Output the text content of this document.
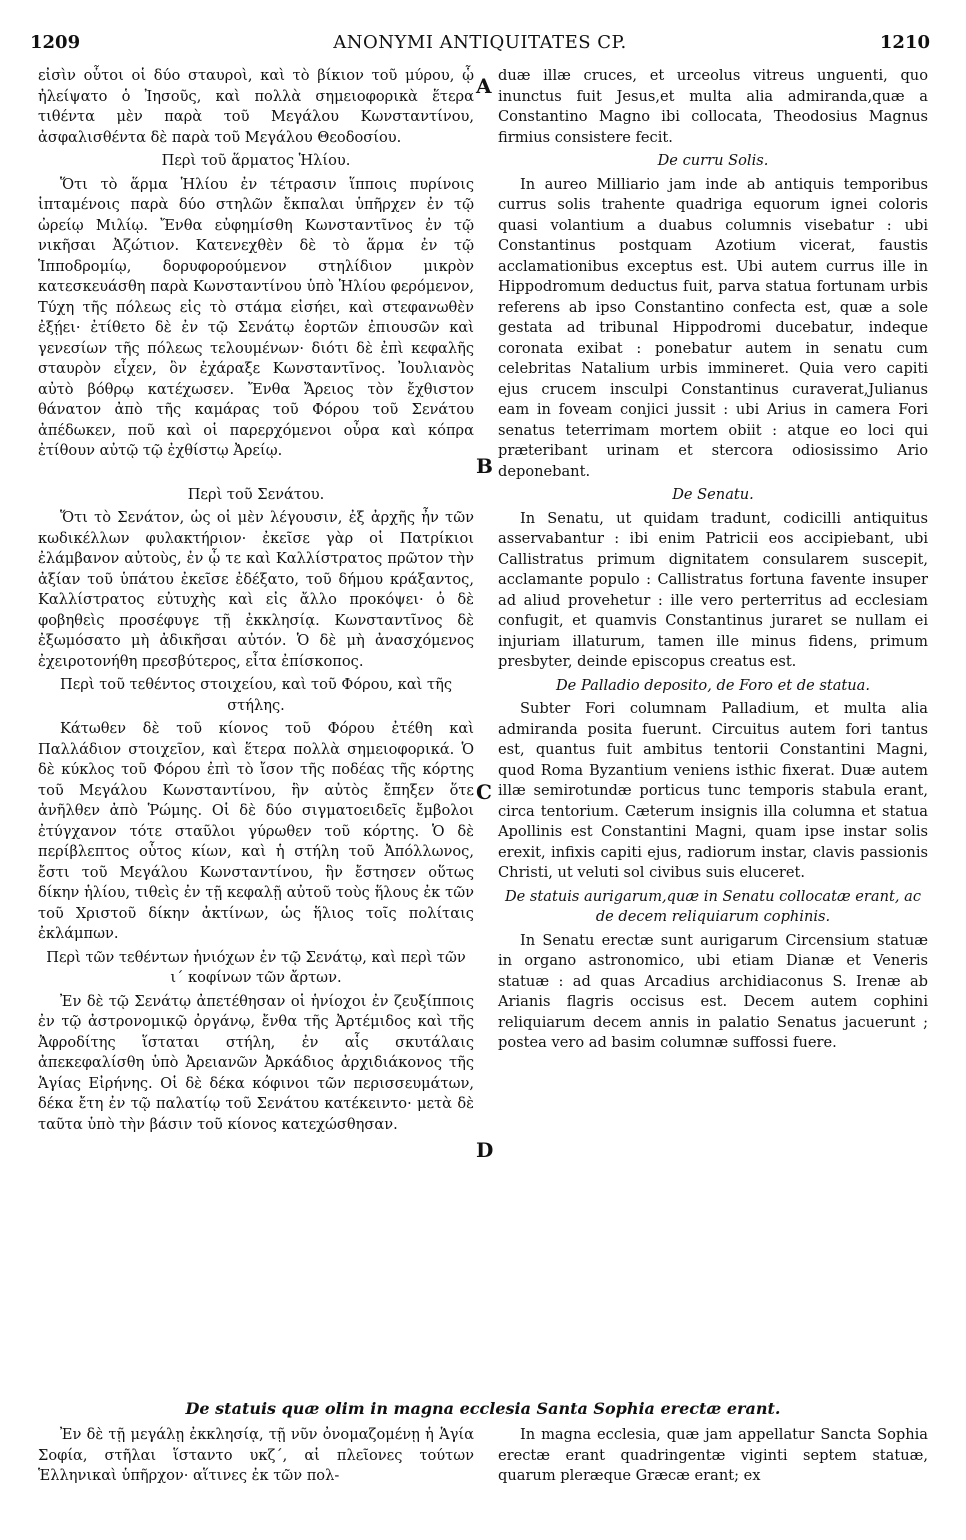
1209	ANONYMI ANTIQUITATES CP.	1210
A
B
C
D

εἰσὶν οὗτοι οἱ δύο σταυροὶ, καὶ τὸ βίκιον τοῦ μύρου, ᾧ ἠλείψατο ὁ Ἰησοῦς, καὶ πολλὰ σημειοφορικὰ ἕτερα τιθέντα μὲν παρὰ τοῦ Μεγάλου Κωνσταντίνου, ἀσφαλισθέντα δὲ παρὰ τοῦ Μεγάλου Θεοδοσίου.

Περὶ τοῦ ἅρματος Ἡλίου.

Ὅτι τὸ ἅρμα Ἡλίου ἐν τέτρασιν ἵπποις πυρίνοις ἱπταμένοις παρὰ δύο στηλῶν ἔκπαλαι ὑπῆρχεν ἐν τῷ ὠρείῳ Μιλίῳ. Ἔνθα εὐφημίσθη Κωνσταντῖνος ἐν τῷ νικῆσαι Ἀζώτιον. Κατενεχθὲν δὲ τὸ ἅρμα ἐν τῷ Ἱπποδρομίῳ, δορυφορούμενον στηλίδιον μικρὸν κατεσκευάσθη παρὰ Κωνσταντίνου ὑπὸ Ἡλίου φερόμενον, Τύχη τῆς πόλεως εἰς τὸ στάμα εἰσήει, καὶ στεφανωθὲν ἐξῄει· ἐτίθετο δὲ ἐν τῷ Σενάτῳ ἑορτῶν ἐπιουσῶν καὶ γενεσίων τῆς πόλεως τελουμένων· διότι δὲ ἐπὶ κεφαλῆς σταυρὸν εἶχεν, ὃν ἐχάραξε Κωνσταντῖνος. Ἰουλιανὸς αὐτὸ βόθρῳ κατέχωσεν. Ἔνθα Ἄρειος τὸν ἔχθιστον θάνατον ἀπὸ τῆς καμάρας τοῦ Φόρου τοῦ Σενάτου ἀπέδωκεν, ποῦ καὶ οἱ παρερχόμενοι οὖρα καὶ κόπρα ἐτίθουν αὐτῷ τῷ ἐχθίστῳ Ἀρείῳ.

Περὶ τοῦ Σενάτου.

Ὅτι τὸ Σενάτον, ὡς οἱ μὲν λέγουσιν, ἐξ ἀρχῆς ἦν τῶν κωδικέλλων φυλακτήριον· ἐκεῖσε γὰρ οἱ Πατρίκιοι ἐλάμβανον αὐτοὺς, ἐν ᾧ τε καὶ Καλλίστρατος πρῶτον τὴν ἀξίαν τοῦ ὑπάτου ἐκεῖσε ἐδέξατο, τοῦ δήμου κράξαντος, Καλλίστρατος εὐτυχὴς καὶ εἰς ἄλλο προκόψει· ὁ δὲ φοβηθεὶς προσέφυγε τῇ ἐκκλησίᾳ. Κωνσταντῖνος δὲ ἐξωμόσατο μὴ ἀδικῆσαι αὐτόν. Ὁ δὲ μὴ ἀνασχόμενος ἐχειροτονήθη πρεσβύτερος, εἶτα ἐπίσκοπος.

Περὶ τοῦ τεθέντος στοιχείου, καὶ τοῦ Φόρου, καὶ τῆς στήλης.

Κάτωθεν δὲ τοῦ κίονος τοῦ Φόρου ἐτέθη καὶ Παλλάδιον στοιχεῖον, καὶ ἕτερα πολλὰ σημειοφορικά. Ὁ δὲ κύκλος τοῦ Φόρου ἐπὶ τὸ ἴσον τῆς ποδέας τῆς κόρτης τοῦ Μεγάλου Κωνσταντίνου, ἣν αὐτὸς ἔπηξεν ὅτε ἀνῆλθεν ἀπὸ Ῥώμης. Οἱ δὲ δύο σιγματοειδεῖς ἔμβολοι ἐτύγχανον τότε σταῦλοι γύρωθεν τοῦ κόρτης. Ὁ δὲ περίβλεπτος οὗτος κίων, καὶ ἡ στήλη τοῦ Ἀπόλλωνος, ἔστι τοῦ Μεγάλου Κωνσταντίνου, ἣν ἔστησεν οὕτως δίκην ἡλίου, τιθεὶς ἐν τῇ κεφαλῇ αὐτοῦ τοὺς ἥλους ἐκ τῶν τοῦ Χριστοῦ δίκην ἀκτίνων, ὡς ἥλιος τοῖς πολίταις ἐκλάμπων.

Περὶ τῶν τεθέντων ἡνιόχων ἐν τῷ Σενάτῳ, καὶ περὶ τῶν ι΄ κοφίνων τῶν ἄρτων.

Ἐν δὲ τῷ Σενάτῳ ἀπετέθησαν οἱ ἡνίοχοι ἐν ζευξίπποις ἐν τῷ ἀστρονομικῷ ὀργάνῳ, ἔνθα τῆς Ἀρτέμιδος καὶ τῆς Ἀφροδίτης ἵσταται στήλη, ἐν αἷς σκυτάλαις ἀπεκεφαλίσθη ὑπὸ Ἀρειανῶν Ἀρκάδιος ἀρχιδιάκονος τῆς Ἁγίας Εἰρήνης. Οἱ δὲ δέκα κόφινοι τῶν περισσευμάτων, δέκα ἔτη ἐν τῷ παλατίῳ τοῦ Σενάτου κατέκειντο· μετὰ δὲ ταῦτα ὑπὸ τὴν βάσιν τοῦ κίονος κατεχώσθησαν.

duæ illæ cruces, et urceolus vitreus unguenti, quo inunctus fuit Jesus,et multa alia admiranda,quæ a Constantino Magno ibi collocata, Theodosius Magnus firmius consistere fecit.

De curru Solis.

In aureo Milliario jam inde ab antiquis temporibus currus solis trahente quadriga equorum ignei coloris quasi volantium a duabus columnis visebatur : ubi Constantinus postquam Azotium vicerat, faustis acclamationibus exceptus est. Ubi autem currus ille in Hippodromum deductus fuit, parva statua fortunam urbis referens ab ipso Constantino confecta est, quæ a sole gestata ad tribunal Hippodromi ducebatur, indeque coronata exibat : ponebatur autem in senatu cum celebritas Natalium urbis immineret. Quia vero capiti ejus crucem insculpi Constantinus curaverat,Julianus eam in foveam conjici jussit : ubi Arius in camera Fori senatus teterrimam mortem obiit : atque eo loci qui præteribant urinam et stercora odiosissimo Ario deponebant.

De Senatu.

In Senatu, ut quidam tradunt, codicilli antiquitus asservabantur : ibi enim Patricii eos accipiebant, ubi Callistratus primum dignitatem consularem suscepit, acclamante populo : Callistratus fortuna favente insuper ad aliud provehetur : ille vero perterritus ad ecclesiam confugit, et quamvis Constantinus juraret se nullam ei injuriam illaturum, tamen ille minus fidens, primum presbyter, deinde episcopus creatus est.

De Palladio deposito, de Foro et de statua.

Subter Fori columnam Palladium, et multa alia admiranda posita fuerunt. Circuitus autem fori tantus est, quantus fuit ambitus tentorii Constantini Magni, quod Roma Byzantium veniens isthic fixerat. Duæ autem illæ semirotundæ porticus tunc temporis stabula erant, circa tentorium. Cæterum insignis illa columna et statua Apollinis est Constantini Magni, quam ipse instar solis erexit, infixis capiti ejus, radiorum instar, clavis passionis Christi, ut veluti sol civibus suis eluceret.

De statuis aurigarum,quæ in Senatu collocatæ erant, ac de decem reliquiarum cophinis.

In Senatu erectæ sunt aurigarum Circensium statuæ in organo astronomico, ubi etiam Dianæ et Veneris statuæ : ad quas Arcadius archidiaconus S. Irenæ ab Arianis flagris occisus est. Decem autem cophini reliquiarum decem annis in palatio Senatus jacuerunt ; postea vero ad basim columnæ suffossi fuere.

De statuis quæ olim in magna ecclesia Santa Sophia erectæ erant.

Ἐν δὲ τῇ μεγάλῃ ἐκκλησίᾳ, τῇ νῦν ὀνομαζομένῃ ἡ Ἁγία Σοφία, στῆλαι ἵσταντο υκζ΄, αἱ πλεῖονες τούτων Ἑλληνικαὶ ὑπῆρχον· αἵτινες ἐκ τῶν πολ-

In magna ecclesia, quæ jam appellatur Sancta Sophia erectæ erant quadringentæ viginti septem statuæ, quarum pleræque Græcæ erant; ex
